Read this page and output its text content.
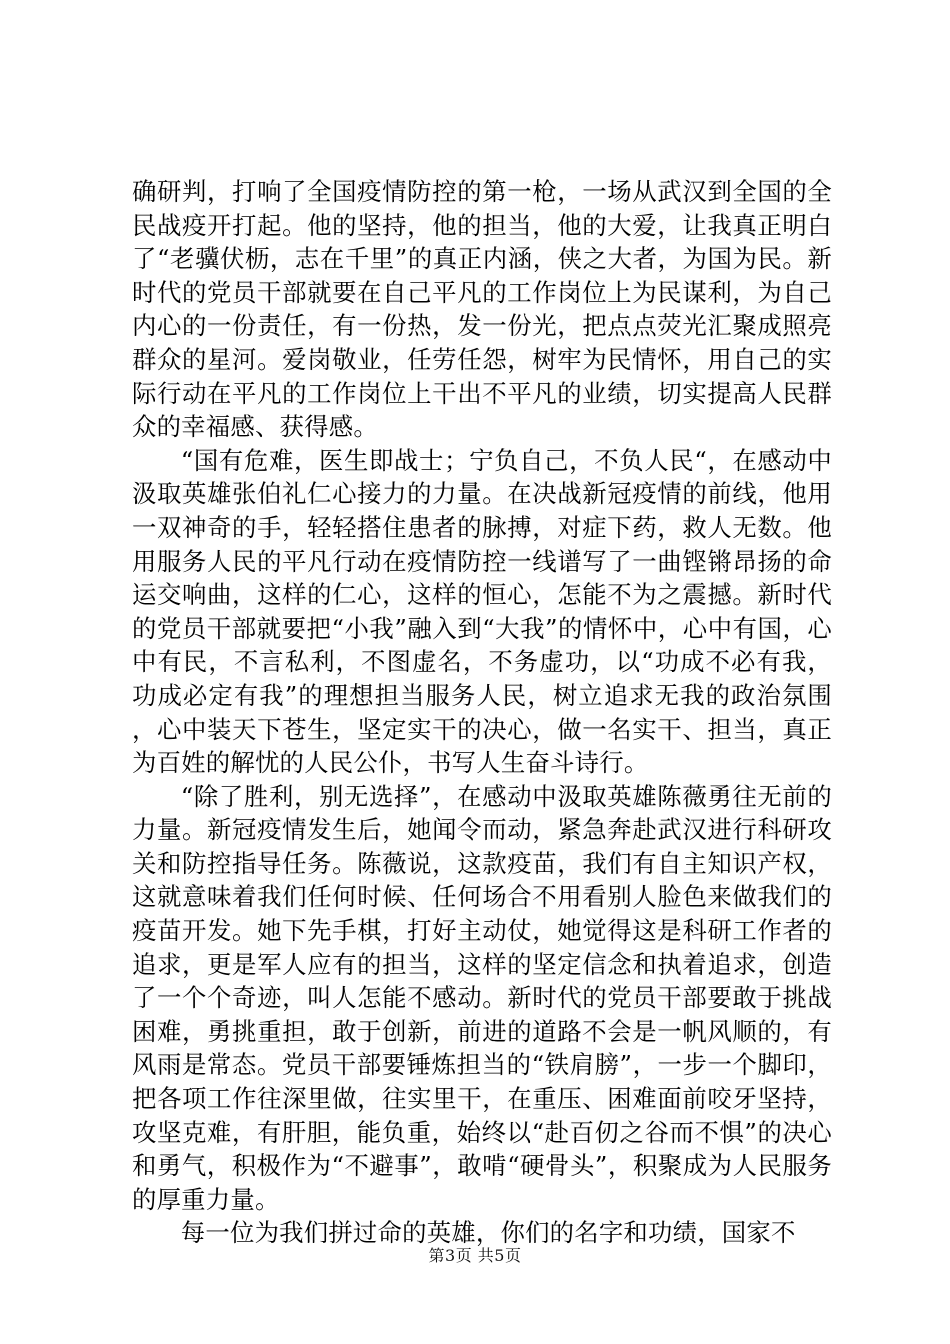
确研判，打响了全国疫情防控的第一枪，一场从武汉到全国的全民战疫开打起。他的坚持，他的担当，他的大爱，让我真正明白了“老骥伏枥，志在千里”的真正内涵，侠之大者，为国为民。新时代的党员干部就要在自己平凡的工作岗位上为民谋利，为自己内心的一份责任，有一份热，发一份光，把点点荧光汇聚成照亮群众的星河。爱岗敬业，任劳任怨，树牢为民情怀，用自己的实际行动在平凡的工作岗位上干出不平凡的业绩，切实提高人民群众的幸福感、获得感。

“国有危难，医生即战士；宁负自己，不负人民“，在感动中汲取英雄张伯礼仁心接力的力量。在决战新冠疫情的前线，他用一双神奇的手，轻轻搭住患者的脉搏，对症下药，救人无数。他用服务人民的平凡行动在疫情防控一线谱写了一曲铿锵昂扬的命运交响曲，这样的仁心，这样的恒心，怎能不为之震撼。新时代的党员干部就要把“小我”融入到“大我”的情怀中，心中有国，心中有民，不言私利，不图虚名，不务虚功，以“功成不必有我，功成必定有我”的理想担当服务人民，树立追求无我的政治氛围，心中装天下苍生，坚定实干的决心，做一名实干、担当，真正为百姓的解忧的人民公仆，书写人生奋斗诗行。

“除了胜利，别无选择”，在感动中汲取英雄陈薇勇往无前的力量。新冠疫情发生后，她闻令而动，紧急奔赴武汉进行科研攻关和防控指导任务。陈薇说，这款疫苗，我们有自主知识产权，这就意味着我们任何时候、任何场合不用看别人脸色来做我们的疫苗开发。她下先手棋，打好主动仗，她觉得这是科研工作者的追求，更是军人应有的担当，这样的坚定信念和执着追求，创造了一个个奇迹，叫人怎能不感动。新时代的党员干部要敢于挑战困难，勇挑重担，敢于创新，前进的道路不会是一帆风顺的，有风雨是常态。党员干部要锤炼担当的“铁肩膀”，一步一个脚印，把各项工作往深里做，往实里干，在重压、困难面前咬牙坚持，攻坚克难，有肝胆，能负重，始终以“赴百仞之谷而不惧”的决心和勇气，积极作为“不避事”，敢啃“硬骨头”，积聚成为人民服务的厚重力量。

每一位为我们拼过命的英雄，你们的名字和功绩，国家不

第3页 共5页
